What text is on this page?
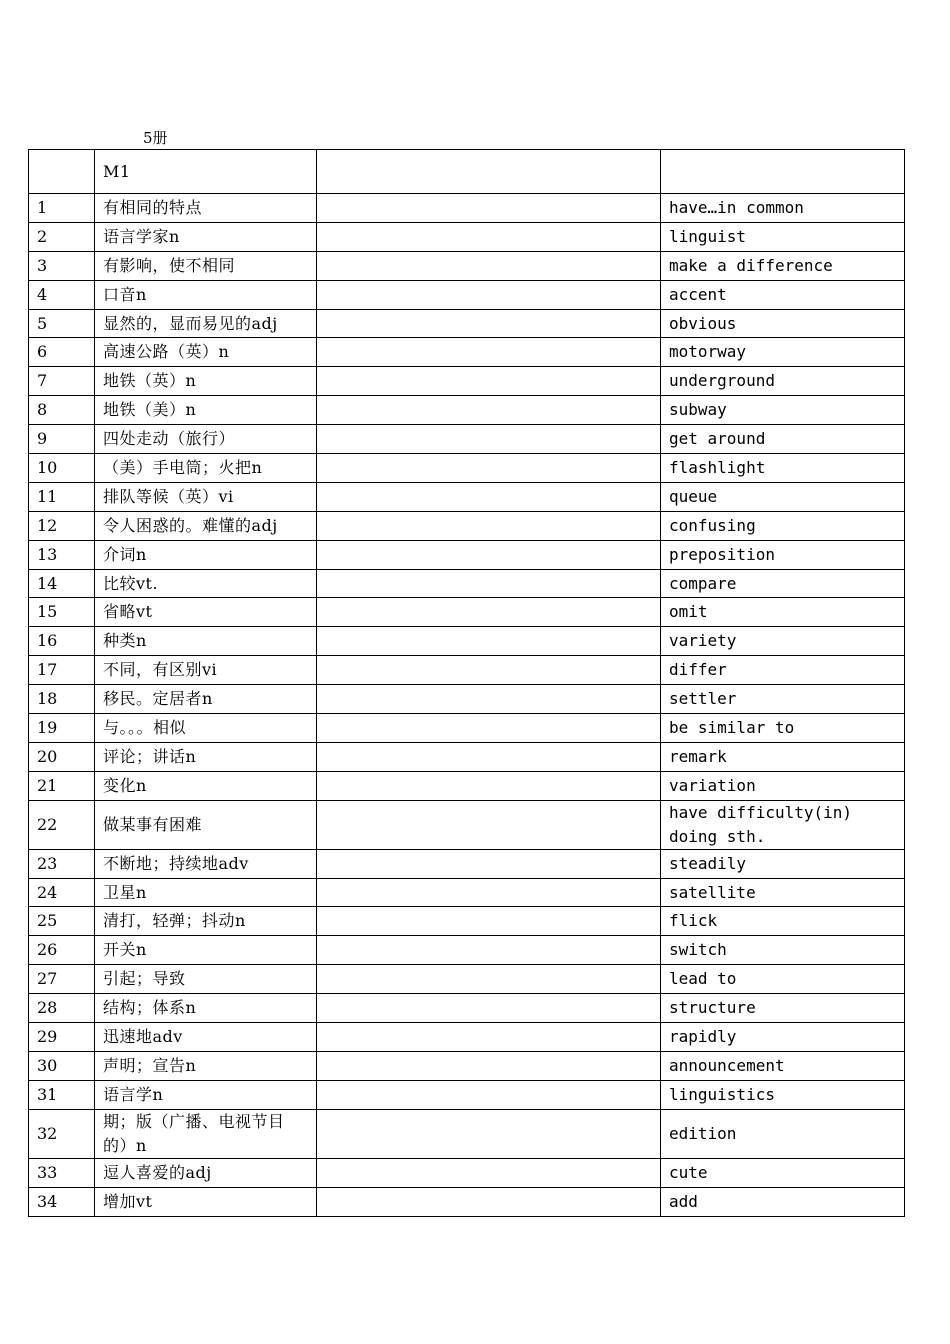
5册
	M1		
1	有相同的特点		have…in common
2	语言学家n		linguist
3	有影响，使不相同		make a difference
4	口音n		accent
5	显然的，显而易见的adj		obvious
6	高速公路（英）n		motorway
7	地铁（英）n		underground
8	地铁（美）n		subway
9	四处走动（旅行）		get around
10	（美）手电筒；火把n		flashlight
11	排队等候（英）vi		queue
12	令人困惑的。难懂的adj		confusing
13	介词n		preposition
14	比较vt.		compare
15	省略vt		omit
16	种类n		variety
17	不同，有区别vi		differ
18	移民。定居者n		settler
19	与。。。相似		be similar to
20	评论；讲话n		remark
21	变化n		variation
22	做某事有困难		have difficulty(in) doing sth.
23	不断地；持续地adv		steadily
24	卫星n		satellite
25	清打，轻弹；抖动n		flick
26	开关n		switch
27	引起；导致		lead to
28	结构；体系n		structure
29	迅速地adv		rapidly
30	声明；宣告n		announcement
31	语言学n		linguistics
32	期；版（广播、电视节目的）n		edition
33	逗人喜爱的adj		cute
34	增加vt		add
